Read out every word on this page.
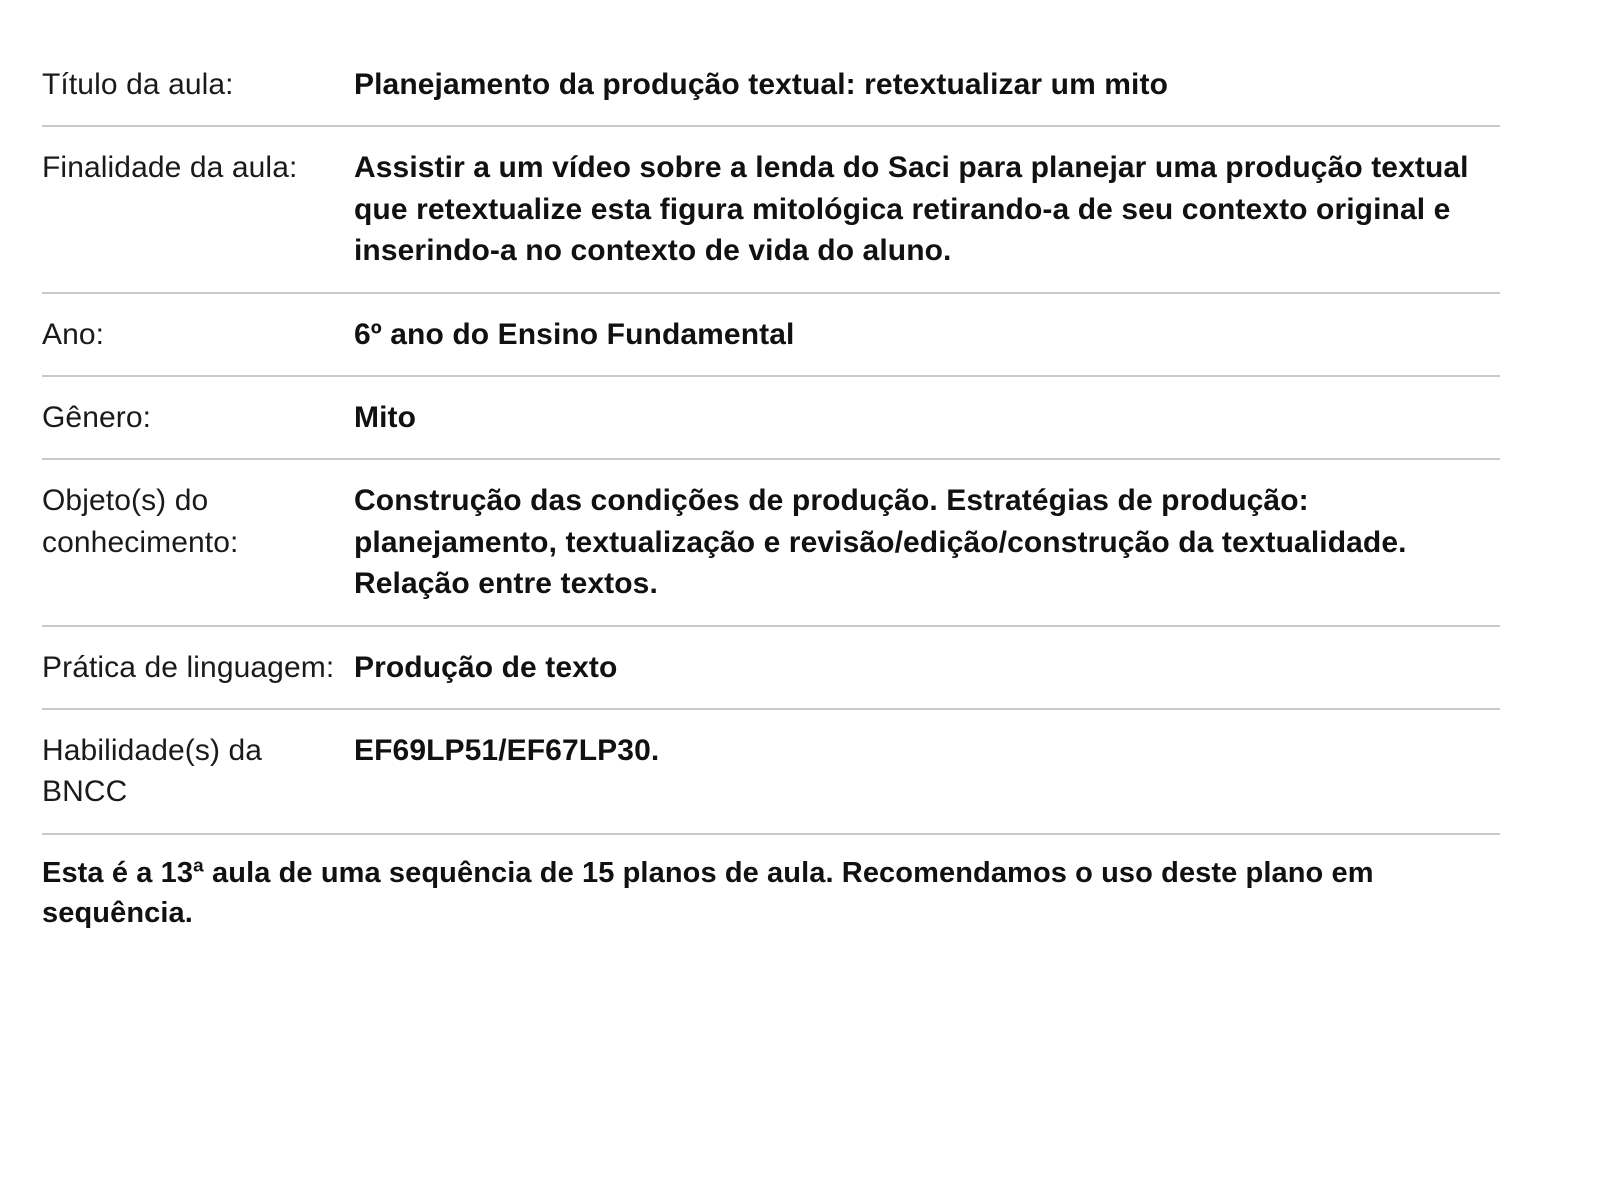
Título da aula:	Planejamento da produção textual: retextualizar um mito

Finalidade da aula:	Assistir a um vídeo sobre a lenda do Saci para planejar uma produção textual que retextualize esta figura mitológica retirando-a de seu contexto original e inserindo-a no contexto de vida do aluno.

Ano:	6º ano do Ensino Fundamental

Gênero:	Mito

Objeto(s) do conhecimento:	Construção das condições de produção. Estratégias de produção: planejamento, textualização e revisão/edição/construção da textualidade. Relação entre textos.

Prática de linguagem:	Produção de texto

Habilidade(s) da BNCC	EF69LP51/EF67LP30.

Esta é a 13ª aula de uma sequência de 15 planos de aula. Recomendamos o uso deste plano em sequência.	
